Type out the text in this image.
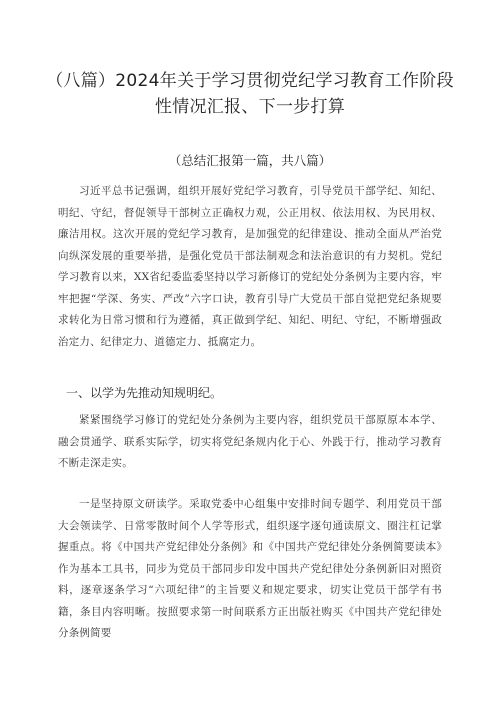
（八篇）2024年关于学习贯彻党纪学习教育工作阶段性情况汇报、下一步打算
（总结汇报第一篇，共八篇）

习近平总书记强调，组织开展好党纪学习教育，引导党员干部学纪、知纪、明纪、守纪，督促领导干部树立正确权力观，公正用权、依法用权、为民用权、廉洁用权。这次开展的党纪学习教育，是加强党的纪律建设、推动全面从严治党向纵深发展的重要举措，是强化党员干部法制观念和法治意识的有力契机。党纪学习教育以来，XX省纪委监委坚持以学习新修订的党纪处分条例为主要内容，牢牢把握“学深、务实、严改”六字口诀，教育引导广大党员干部自觉把党纪条规要求转化为日常习惯和行为遵循，真正做到学纪、知纪、明纪、守纪，不断增强政治定力、纪律定力、道德定力、抵腐定力。

一、以学为先推动知规明纪。

紧紧围绕学习修订的党纪处分条例为主要内容，组织党员干部原原本本学、融会贯通学、联系实际学，切实将党纪条规内化于心、外践于行，推动学习教育不断走深走实。

一是坚持原文研读学。采取党委中心组集中安排时间专题学、利用党员干部大会领读学、日常零散时间个人学等形式，组织逐字逐句通读原文、圈注杠记掌握重点。将《中国共产党纪律处分条例》和《中国共产党纪律处分条例简要读本》作为基本工具书，同步为党员干部同步印发中国共产党纪律处分条例新旧对照资料，逐章逐条学习“六项纪律”的主旨要义和规定要求，切实让党员干部学有书籍，条目内容明晰。按照要求第一时间联系方正出版社购买《中国共产党纪律处分条例简要
